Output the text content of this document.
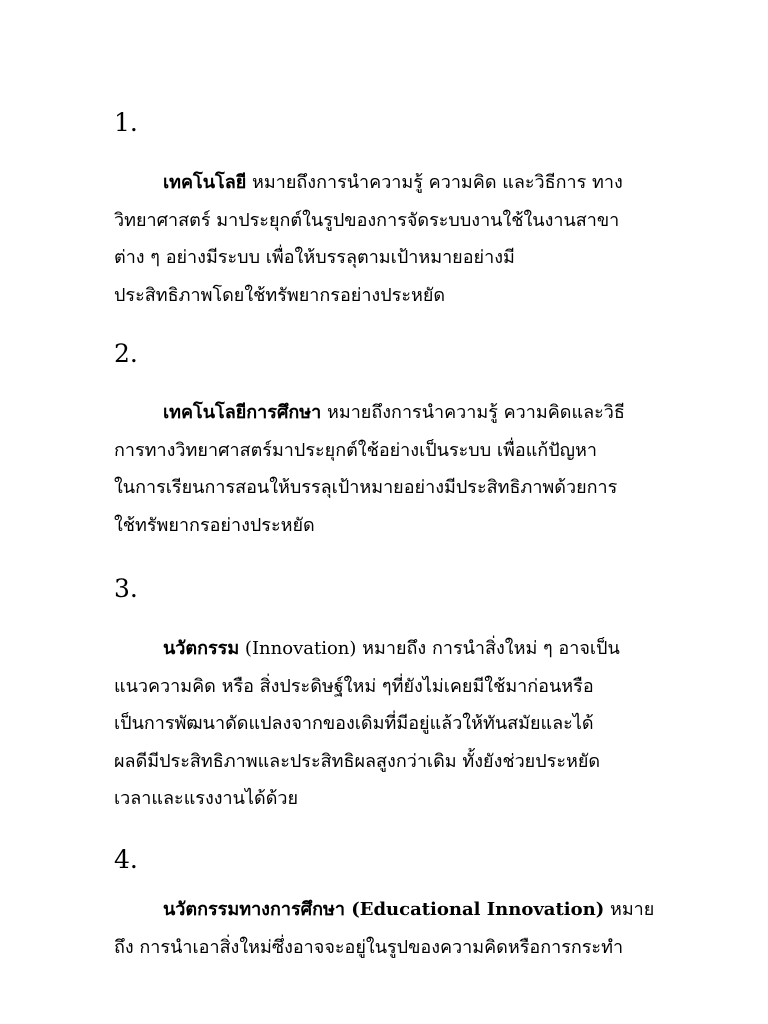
1.

เทคโนโลยี หมายถึงการนำความรู้ ความคิด และวิธีการ ทาง
วิทยาศาสตร์ มาประยุกต์ในรูปของการจัดระบบงานใช้ในงานสาขา
ต่าง ๆ อย่างมีระบบ เพื่อให้บรรลุตามเป้าหมายอย่างมี
ประสิทธิภาพโดยใช้ทรัพยากรอย่างประหยัด

2.

เทคโนโลยีการศึกษา หมายถึงการนำความรู้ ความคิดและวิธี
การทางวิทยาศาสตร์มาประยุกต์ใช้อย่างเป็นระบบ เพื่อแก้ปัญหา
ในการเรียนการสอนให้บรรลุเป้าหมายอย่างมีประสิทธิภาพด้วยการ
ใช้ทรัพยากรอย่างประหยัด

3.

นวัตกรรม (Innovation) หมายถึง การนำสิ่งใหม่ ๆ อาจเป็น
แนวความคิด หรือ สิ่งประดิษฐ์ใหม่ ๆที่ยังไม่เคยมีใช้มาก่อนหรือ
เป็นการพัฒนาดัดแปลงจากของเดิมที่มีอยู่แล้วให้ทันสมัยและได้
ผลดีมีประสิทธิภาพและประสิทธิผลสูงกว่าเดิม ทั้งยังช่วยประหยัด
เวลาและแรงงานได้ด้วย

4.

นวัตกรรมทางการศึกษา (Educational Innovation) หมาย
ถึง การนำเอาสิ่งใหม่ซึ่งอาจจะอยู่ในรูปของความคิดหรือการกระทำ
